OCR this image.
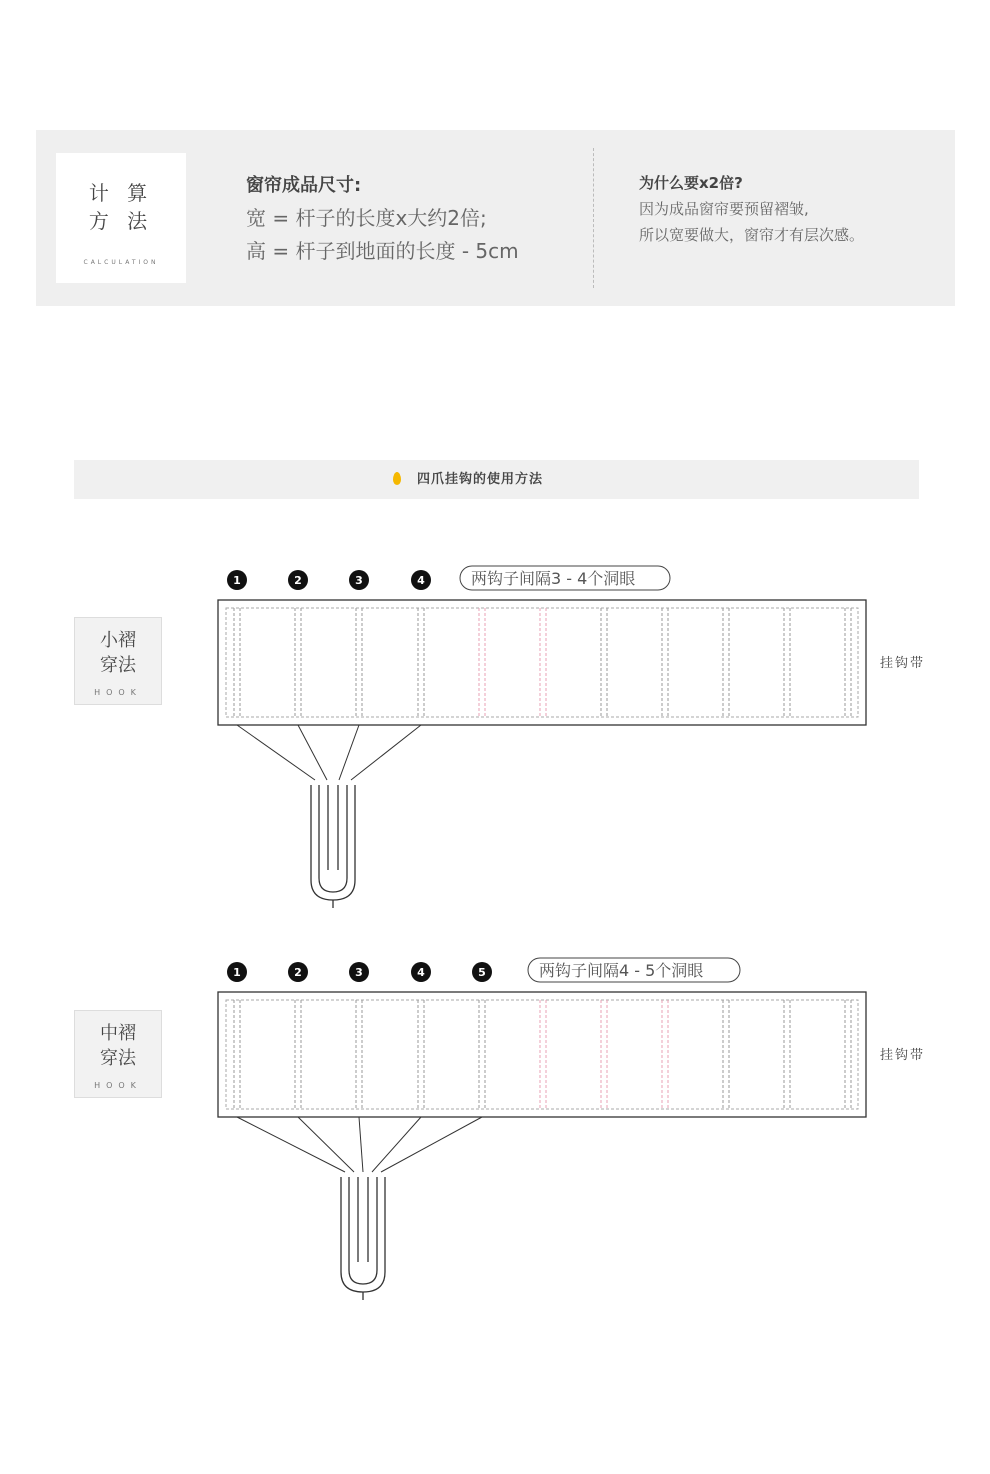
计 算
方 法
CALCULATION
窗帘成品尺寸:
宽 = 杆子的长度x大约2倍;
高 = 杆子到地面的长度 - 5cm
为什么要x2倍?
因为成品窗帘要预留褶皱,
所以宽要做大，窗帘才有层次感。
四爪挂钩的使用方法
小褶
穿法
HOOK
1	2	3	4	两钩子间隔3 - 4个洞眼
挂钩带
中褶
穿法
HOOK
1	2	3	4	5	两钩子间隔4 - 5个洞眼
挂钩带
